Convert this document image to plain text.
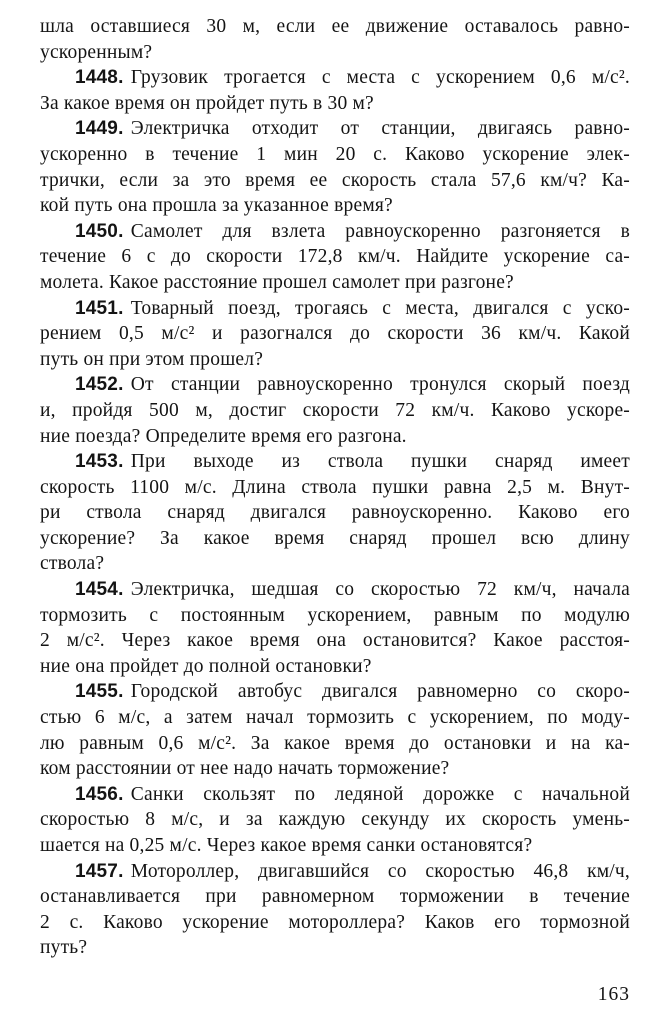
шла оставшиеся 30 м, если ее движение оставалось равно-
ускоренным?
1448. Грузовик трогается с места с ускорением 0,6 м/с².
За какое время он пройдет путь в 30 м?
1449. Электричка отходит от станции, двигаясь равно-
ускоренно в течение 1 мин 20 с. Каково ускорение элек-
трички, если за это время ее скорость стала 57,6 км/ч? Ка-
кой путь она прошла за указанное время?
1450. Самолет для взлета равноускоренно разгоняется в
течение 6 с до скорости 172,8 км/ч. Найдите ускорение са-
молета. Какое расстояние прошел самолет при разгоне?
1451. Товарный поезд, трогаясь с места, двигался с уско-
рением 0,5 м/с² и разогнался до скорости 36 км/ч. Какой
путь он при этом прошел?
1452. От станции равноускоренно тронулся скорый поезд
и, пройдя 500 м, достиг скорости 72 км/ч. Каково ускоре-
ние поезда? Определите время его разгона.
1453. При выходе из ствола пушки снаряд имеет
скорость 1100 м/с. Длина ствола пушки равна 2,5 м. Внут-
ри ствола снаряд двигался равноускоренно. Каково его
ускорение? За какое время снаряд прошел всю длину
ствола?
1454. Электричка, шедшая со скоростью 72 км/ч, начала
тормозить с постоянным ускорением, равным по модулю
2 м/с². Через какое время она остановится? Какое расстоя-
ние она пройдет до полной остановки?
1455. Городской автобус двигался равномерно со скоро-
стью 6 м/с, а затем начал тормозить с ускорением, по моду-
лю равным 0,6 м/с². За какое время до остановки и на ка-
ком расстоянии от нее надо начать торможение?
1456. Санки скользят по ледяной дорожке с начальной
скоростью 8 м/с, и за каждую секунду их скорость умень-
шается на 0,25 м/с. Через какое время санки остановятся?
1457. Мотороллер, двигавшийся со скоростью 46,8 км/ч,
останавливается при равномерном торможении в течение
2 с. Каково ускорение мотороллера? Каков его тормозной
путь?
163
